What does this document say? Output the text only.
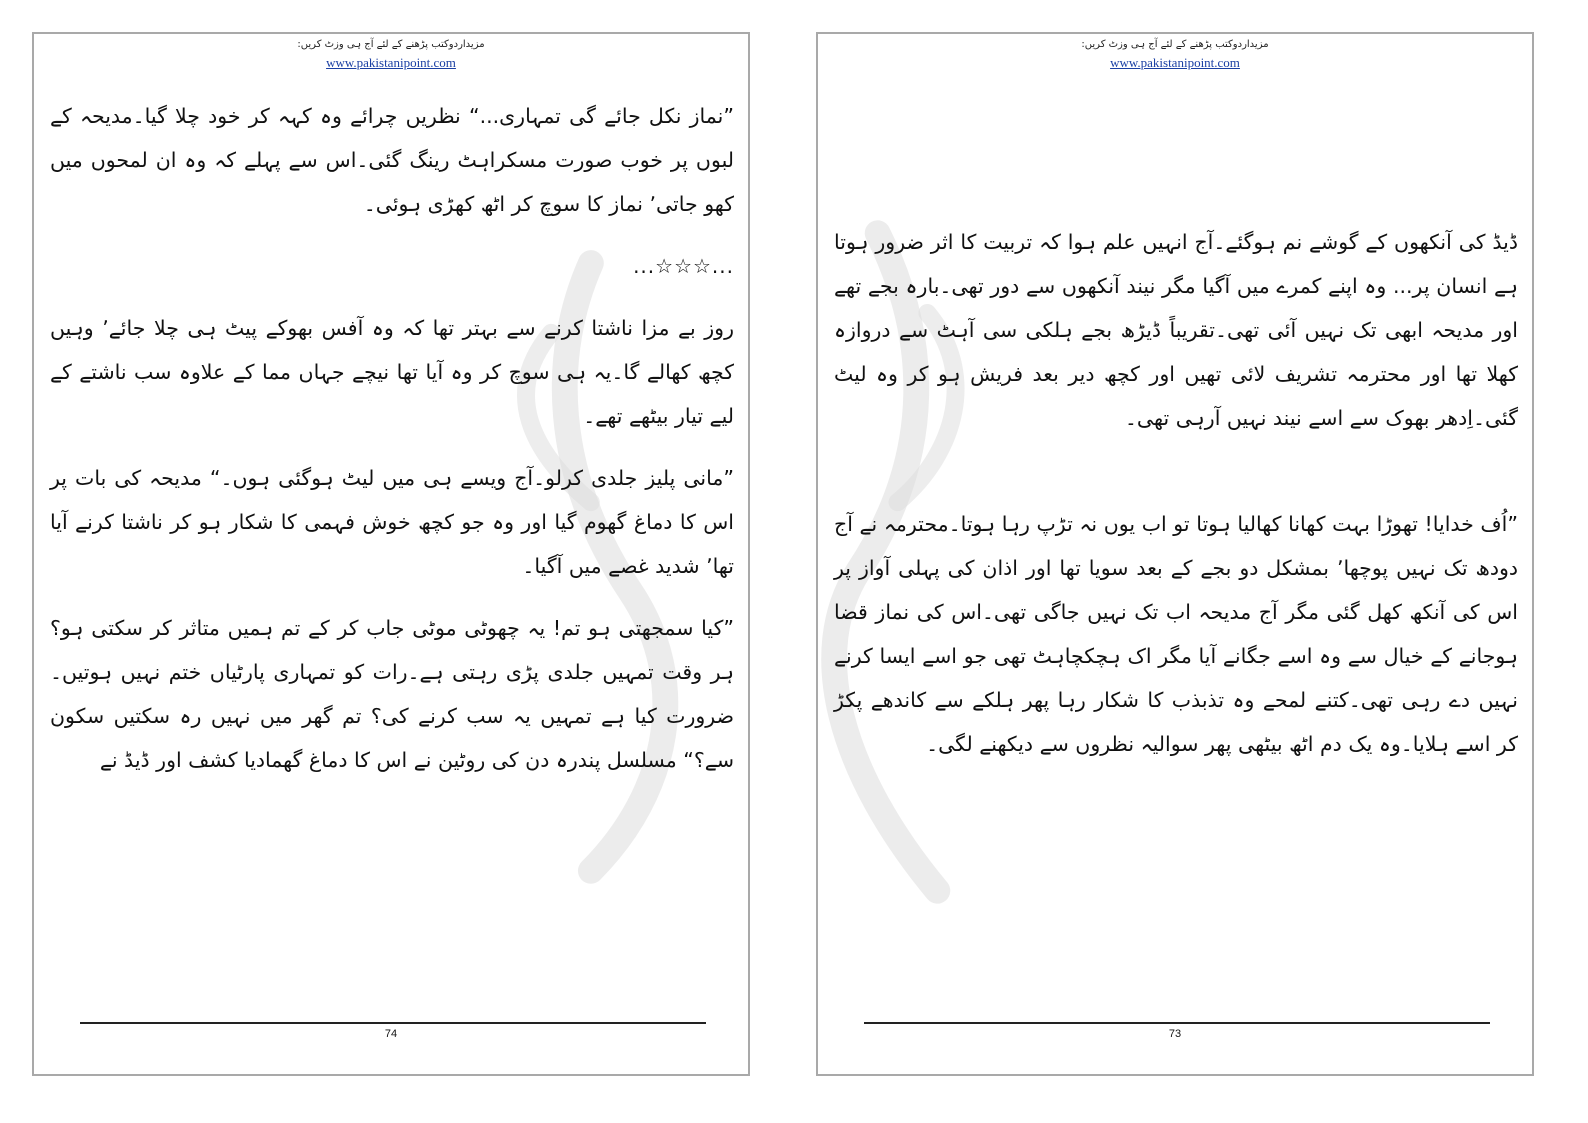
مزیداردوکتب پڑھنے کے لئے آج ہی وزٹ کریں:
www.pakistanipoint.com

”نماز نکل جائے گی تمہاری...“ نظریں چرائے وہ کہہ کر خود چلا گیا۔مدیحہ کے لبوں پر خوب صورت مسکراہٹ رینگ گئی۔اس سے پہلے کہ وہ ان لمحوں میں کھو جاتی٬ نماز کا سوچ کر اٹھ کھڑی ہوئی۔

...☆☆☆...

روز بے مزا ناشتا کرنے سے بہتر تھا کہ وہ آفس بھوکے پیٹ ہی چلا جائے٬ وہیں کچھ کھالے گا۔یہ ہی سوچ کر وہ آیا تھا نیچے جہاں مما کے علاوہ سب ناشتے کے لیے تیار بیٹھے تھے۔

”مانی پلیز جلدی کرلو۔آج ویسے ہی میں لیٹ ہوگئی ہوں۔“ مدیحہ کی بات پر اس کا دماغ گھوم گیا اور وہ جو کچھ خوش فہمی کا شکار ہو کر ناشتا کرنے آیا تھا٬ شدید غصے میں آگیا۔

”کیا سمجھتی ہو تم! یہ چھوٹی موٹی جاب کر کے تم ہمیں متاثر کر سکتی ہو؟ ہر وقت تمہیں جلدی پڑی رہتی ہے۔رات کو تمہاری پارٹیاں ختم نہیں ہوتیں۔ ضرورت کیا ہے تمہیں یہ سب کرنے کی؟ تم گھر میں نہیں رہ سکتیں سکون سے؟“ مسلسل پندرہ دن کی روٹین نے اس کا دماغ گھمادیا کشف اور ڈیڈ نے

74
مزیداردوکتب پڑھنے کے لئے آج ہی وزٹ کریں:
www.pakistanipoint.com

ڈیڈ کی آنکھوں کے گوشے نم ہوگئے۔آج انہیں علم ہوا کہ تربیت کا اثر ضرور ہوتا ہے انسان پر... وہ اپنے کمرے میں آگیا مگر نیند آنکھوں سے دور تھی۔بارہ بجے تھے اور مدیحہ ابھی تک نہیں آئی تھی۔تقریباً ڈیڑھ بجے ہلکی سی آہٹ سے دروازہ کھلا تھا اور محترمہ تشریف لائی تھیں اور کچھ دیر بعد فریش ہو کر وہ لیٹ گئی۔اِدھر بھوک سے اسے نیند نہیں آرہی تھی۔

”اُف خدایا! تھوڑا بہت کھانا کھالیا ہوتا تو اب یوں نہ تڑپ رہا ہوتا۔محترمہ نے آج دودھ تک نہیں پوچھا٬ بمشکل دو بجے کے بعد سویا تھا اور اذان کی پہلی آواز پر اس کی آنکھ کھل گئی مگر آج مدیحہ اب تک نہیں جاگی تھی۔اس کی نماز قضا ہوجانے کے خیال سے وہ اسے جگانے آیا مگر اک ہچکچاہٹ تھی جو اسے ایسا کرنے نہیں دے رہی تھی۔کتنے لمحے وہ تذبذب کا شکار رہا پھر ہلکے سے کاندھے پکڑ کر اسے ہلایا۔وہ یک دم اٹھ بیٹھی پھر سوالیہ نظروں سے دیکھنے لگی۔

73
